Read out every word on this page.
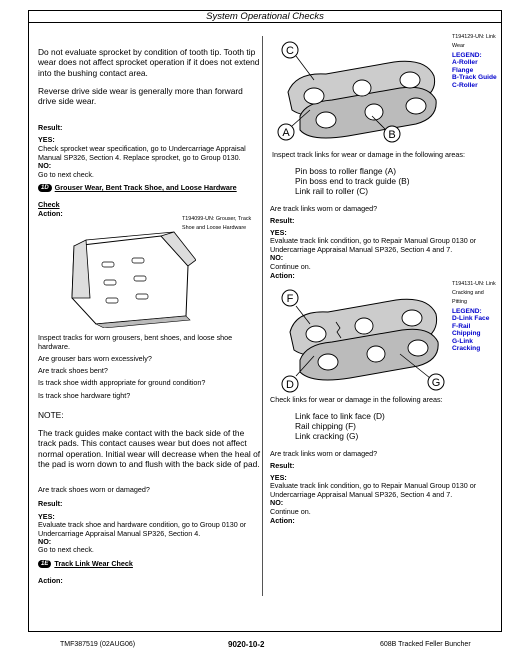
System Operational Checks
Do not evaluate sprocket by condition of tooth tip. Tooth tip wear does not affect sprocket operation if it does not extend into the bushing contact area.
Reverse drive side wear is generally more than forward drive side wear.
Result:
YES:
Check sprocket wear specification, go to Undercarriage Appraisal Manual SP326, Section 4. Replace sprocket, go to Group 0130.
NO:
Go to next check.
1D Grouser Wear, Bent Track Shoe, and Loose Hardware
Check
Action:
T194099-UN: Grouser, Track Shoe and Loose Hardware
Inspect tracks for worn grousers, bent shoes, and loose shoe hardware.
Are grouser bars worn excessively?
Are track shoes bent?
Is track shoe width appropriate for ground condition?
Is track shoe hardware tight?
NOTE:
The track guides make contact with the back side of the track pads. This contact causes wear but does not affect normal operation. Initial wear will decrease when the heal of the pad is worn down to and flush with the back side of pad.
Are track shoes worn or damaged?
Result:
YES:
Evaluate track shoe and hardware condition, go to Group 0130 or Undercarriage Appraisal Manual SP326, Section 4.
NO:
Go to next check.
1E Track Link Wear Check
Action:
T194129-UN: Link Wear
LEGEND:
A-Roller Flange
B-Track Guide
C-Roller
C
A	B
Inspect track links for wear or damage in the following areas:
Pin boss to roller flange (A)
Pin boss end to track guide (B)
Link rail to roller (C)
Are track links worn or damaged?
Result:
YES:
Evaluate track link condition, go to Repair Manual Group 0130 or Undercarriage Appraisal Manual SP326, Section 4 and 7.
NO:
Continue on.
Action:
T194131-UN: Link Cracking and Pitting
LEGEND:
D-Link Face
F-Rail Chipping
G-Link Cracking
F
D	G
Check links for wear or damage in the following areas:
Link face to link face (D)
Rail chipping (F)
Link cracking (G)
Are track links worn or damaged?
Result:
YES:
Evaluate track link condition, go to Repair Manual Group 0130 or Undercarriage Appraisal Manual SP326, Section 4 and 7.
NO:
Continue on.
Action:
TMF387519 (02AUG06)	9020-10-2	608B Tracked Feller Buncher
